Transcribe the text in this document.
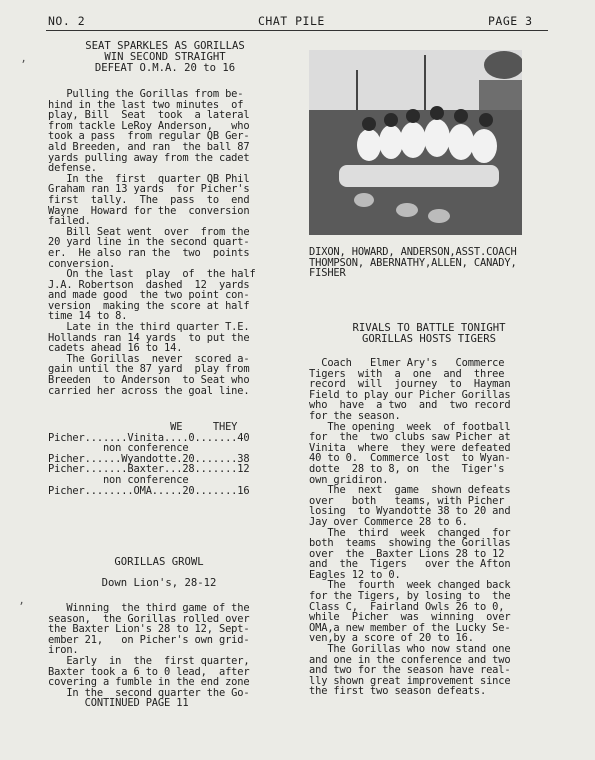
NO. 2	CHAT PILE	PAGE 3
ʼ
ʼ
SEAT SPARKLES AS GORILLAS
WIN SECOND STRAIGHT
DEFEAT O.M.A. 20 to 16
Pulling the Gorillas from be-
hind in the last two minutes  of
play, Bill  Seat  took  a lateral
from tackle LeRoy Anderson,   who
took a pass  from regular QB Ger-
ald Breeden, and ran  the ball 87
yards pulling away from the cadet
defense.
In the  first  quarter QB Phil
Graham ran 13 yards  for Picher's
first  tally.  The  pass  to  end
Wayne  Howard for the  conversion
failed.
Bill Seat went  over  from the
20 yard line in the second quart-
er.  He also ran the  two  points
conversion.
On the last  play  of  the half
J.A. Robertson  dashed  12  yards
and made good  the two point con-
version  making the score at half
time 14 to 8.
Late in the third quarter T.E.
Hollands ran 14 yards  to put the
cadets ahead 16 to 14.
The Gorillas  never  scored a-
gain until the 87 yard  play from
Breeden  to Anderson  to Seat who
carried her across the goal line.
WE     THEY
Picher.......Vinita....0.......40
non conference
Picher......Wyandotte.20.......38
Picher.......Baxter...28.......12
non conference
Picher........OMA.....20.......16
GORILLAS GROWL
Down Lion's, 28-12
Winning  the third game of the
season,  the Gorillas rolled over
the Baxter Lion's 28 to 12, Sept-
ember 21,   on Picher's own grid-
iron.
Early  in  the  first quarter,
Baxter took a 6 to 0 lead,  after
covering a fumble in the end zone
In the  second quarter the Go-
CONTINUED PAGE 11
DIXON, HOWARD, ANDERSON,ASST.COACH
THOMPSON, ABERNATHY,ALLEN, CANADY,
FISHER
RIVALS TO BATTLE TONIGHT
GORILLAS HOSTS TIGERS
Coach   Elmer Ary's   Commerce
Tigers  with  a  one  and  three
record  will  journey  to  Hayman
Field to play our Picher Gorillas
who  have  a two  and  two record
for the season.
The opening  week  of football
for  the  two clubs saw Picher at
Vinita  where  they were defeated
40 to 0.  Commerce lost  to Wyan-
dotte  28 to 8, on  the  Tiger's
own gridiron.
The  next  game  shown defeats
over   both   teams, with Picher
losing  to Wyandotte 38 to 20 and
Jay over Commerce 28 to 6.
The  third  week  changed  for
both  teams  showing the Gorillas
over  the  Baxter Lions 28 to 12
and  the  Tigers   over the Afton
Eagles 12 to 0.
The  fourth  week changed back
for the Tigers, by losing to  the
Class C,  Fairland Owls 26 to 0,
while  Picher  was  winning  over
OMA,a new member of the Lucky Se-
ven,by a score of 20 to 16.
The Gorillas who now stand one
and one in the conference and two
and two for the season have real-
lly shown great improvement since
the first two season defeats.
